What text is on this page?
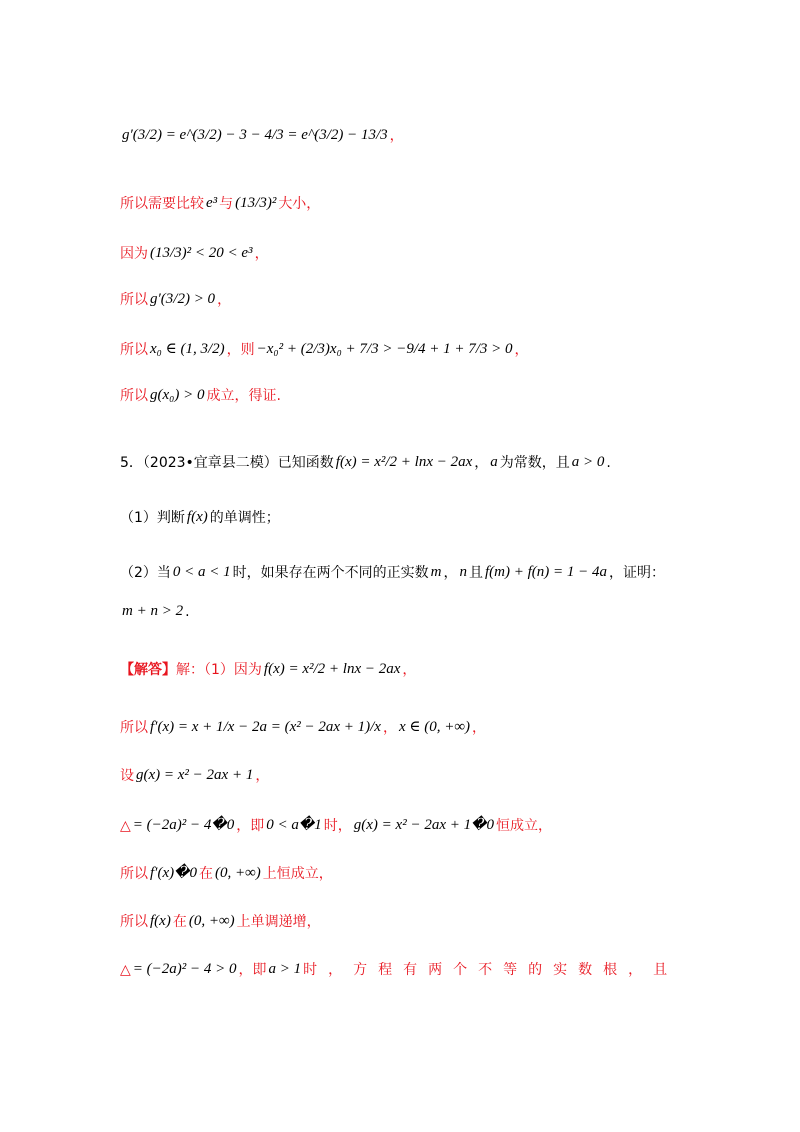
g′(3/2) = e^(3/2) − 3 − 4/3 = e^(3/2) − 13/3 ，
所以需要比较 e³ 与 (13/3)² 大小，
因为 (13/3)² < 20 < e³ ，
所以 g′(3/2) > 0 ，
所以 x₀ ∈ (1, 3/2) ，则 −x₀² + (2/3)x₀ + 7/3 > −9/4 + 1 + 7/3 > 0 ，
所以 g(x₀) > 0 成立，得证.
5．（2023•宜章县二模）已知函数 f(x) = x²/2 + lnx − 2ax ， a 为常数，且 a > 0 .
（1）判断 f(x) 的单调性；
（2）当 0 < a < 1 时，如果存在两个不同的正实数 m ， n 且 f(m) + f(n) = 1 − 4a ，证明：
m + n > 2 .
【解答】 解：（1）因为 f(x) = x²/2 + lnx − 2ax ，
所以 f′(x) = x + 1/x − 2a = (x² − 2ax + 1)/x ， x ∈ (0, +∞) ，
设 g(x) = x² − 2ax + 1 ，
△ = (−2a)² − 4�0 ，即 0 < a�1 时， g(x) = x² − 2ax + 1�0 恒成立，
所以 f′(x)�0 在 (0, +∞) 上恒成立，
所以 f(x) 在 (0, +∞) 上单调递增，
△ = (−2a)² − 4 > 0 ，即 a > 1 时，方程有两个不等的实数根，且
